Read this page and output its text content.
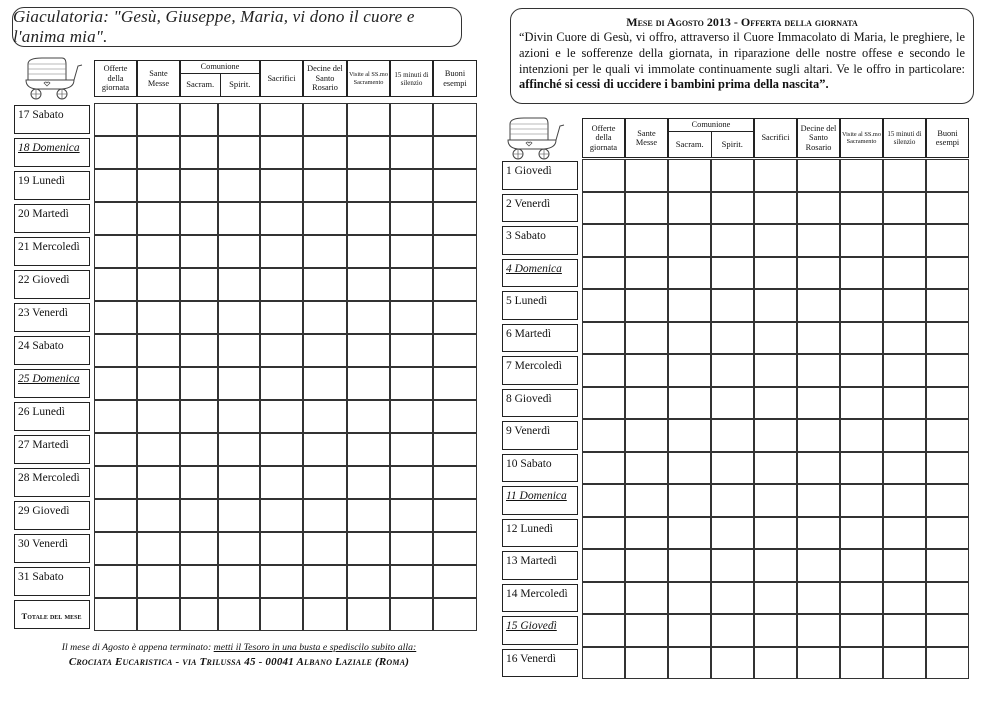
Giaculatoria: "Gesù, Giuseppe, Maria, vi dono il cuore e l'anima mia".
Offerte della giornata
Sante Messe
Comunione
Sacram.	Spirit.
Sacrifici
Decine del Santo Rosario
Visite al SS.mo Sacramento
15 minuti di silenzio
Buoni esempi
17 Sabato
18 Domenica
19 Lunedì
20 Martedì
21 Mercoledì
22 Giovedì
23 Venerdì
24 Sabato
25 Domenica
26 Lunedì
27 Martedì
28 Mercoledì
29 Giovedì
30 Venerdì
31 Sabato
Totale del mese
Il mese di Agosto è appena terminato: metti il Tesoro in una busta e spediscilo subito alla:
Crociata Eucaristica - via Trilussa 45 - 00041 Albano Laziale (Roma)
Mese di Agosto 2013 - Offerta della giornata
“Divin Cuore di Gesù, vi offro, attraverso il Cuore Immacolato di Maria, le preghiere, le azioni e le sofferenze della giornata, in riparazione delle nostre offese e secondo le intenzioni per le quali vi immolate continuamente sugli altari. Ve le offro in particolare: affinché si cessi di uccidere i bambini prima della nascita”.
Offerte della giornata
Sante Messe
Comunione
Sacram.	Spirit.
Sacrifici
Decine del Santo Rosario
Visite al SS.mo Sacramento
15 minuti di silenzio
Buoni esempi
1 Giovedì
2 Venerdì
3 Sabato
4 Domenica
5 Lunedì
6 Martedì
7 Mercoledì
8 Giovedì
9 Venerdì
10 Sabato
11 Domenica
12 Lunedì
13 Martedì
14 Mercoledì
15 Giovedì
16 Venerdì
